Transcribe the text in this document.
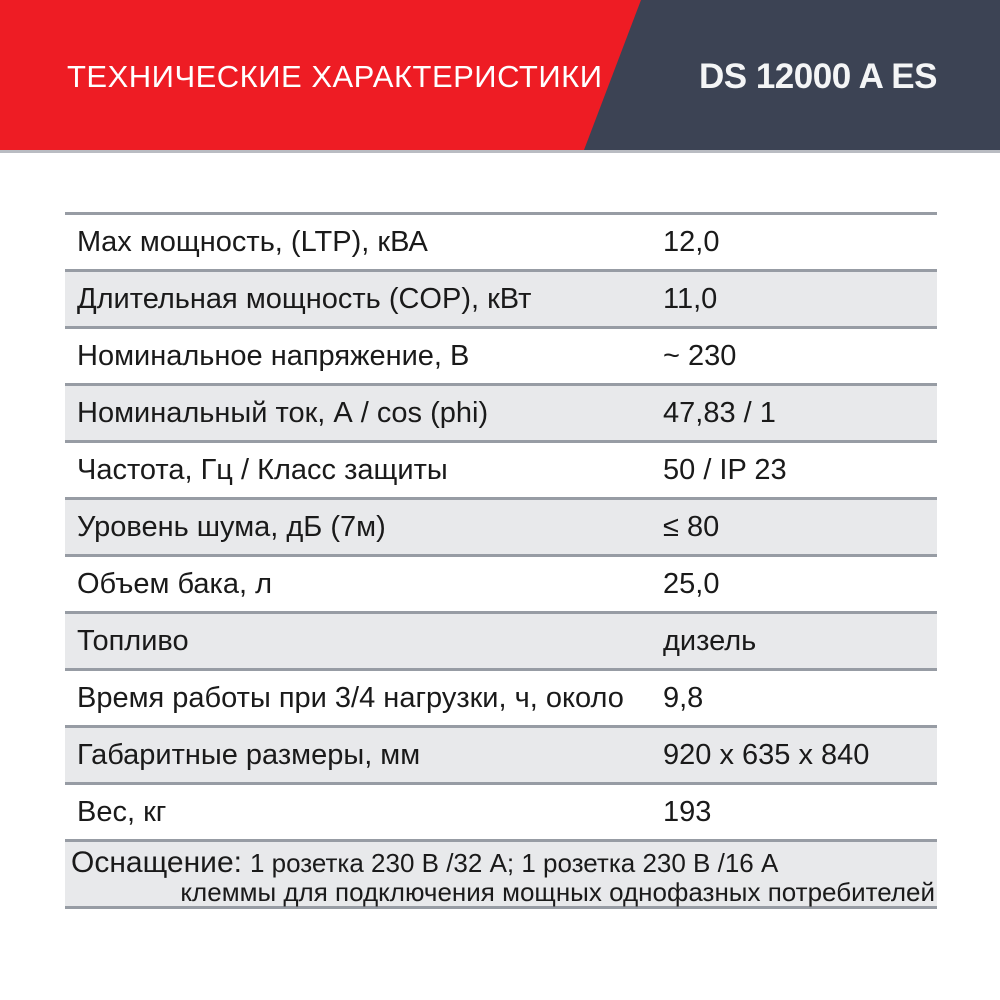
ТЕХНИЧЕСКИЕ ХАРАКТЕРИСТИКИ	DS 12000 A ES
Max мощность, (LTP), кВА	12,0
Длительная мощность (COP), кВт	11,0
Номинальное напряжение, В	~ 230
Номинальный ток, А / cos (phi)	47,83 / 1
Частота, Гц / Класс защиты	50 / IP 23
Уровень шума, дБ (7м)	≤ 80
Объем бака, л	25,0
Топливо	дизель
Время работы при 3/4 нагрузки, ч, около 9,8
Габаритные размеры, мм	920 х 635 х 840
Вес, кг	193
Оснащение: 1 розетка 230 В /32 А; 1 розетка 230 В /16 А
клеммы для подключения мощных однофазных потребителей
